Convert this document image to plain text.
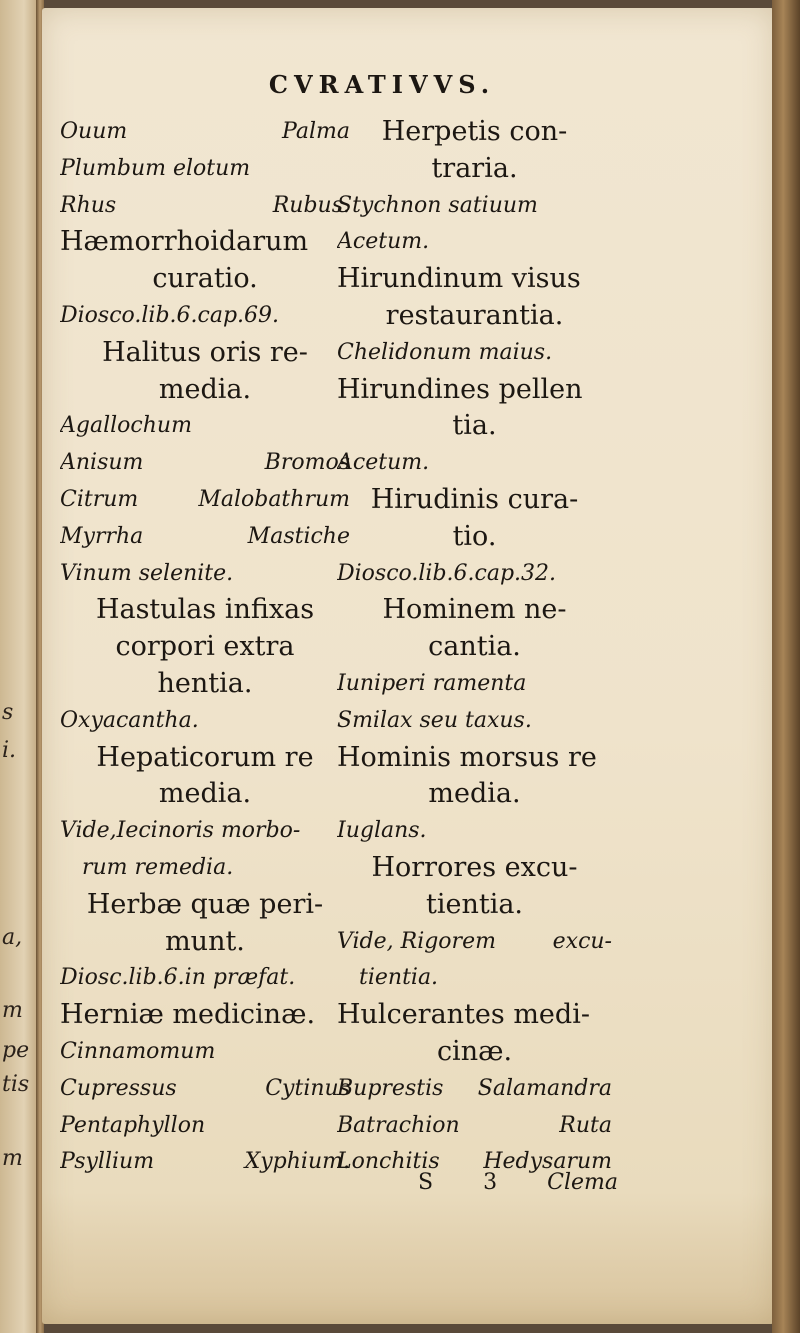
s
i.
a,
m
pe
tis
m
CVRATIVVS.
Ouum	Palma
Plumbum elotum
Rhus	Rubus.
Hæmorrhoidarum
curatio.
Diosco.lib.6.cap.69.
Halitus oris re-
media.
Agallochum
Anisum	Bromos
Citrum	Malobathrum
Myrrha	Mastiche
Vinum selenite.
Hastulas infixas
corpori extra
hentia.
Oxyacantha.
Hepaticorum re
media.
Vide,Iecinoris morbo-
rum remedia.
Herbæ quæ peri-
munt.
Diosc.lib.6.in præfat.
Herniæ medicinæ.
Cinnamomum
Cupressus	Cytinus
Pentaphyllon
Psyllium	Xyphium.
Herpetis con-
traria.
Stychnon satiuum
Acetum.
Hirundinum visus
restaurantia.
Chelidonum maius.
Hirundines pellen
tia.
Acetum.
Hirudinis cura-
tio.
Diosco.lib.6.cap.32.
Hominem ne-
cantia.
Iuniperi ramenta
Smilax seu taxus.
Hominis morsus re
media.
Iuglans.
Horrores excu-
tientia.
Vide, Rigorem	excu-
tientia.
Hulcerantes medi-
cinæ.
Buprestis Salamandra
Batrachion	Ruta
Lonchitis Hedysarum
S 3 Clema
